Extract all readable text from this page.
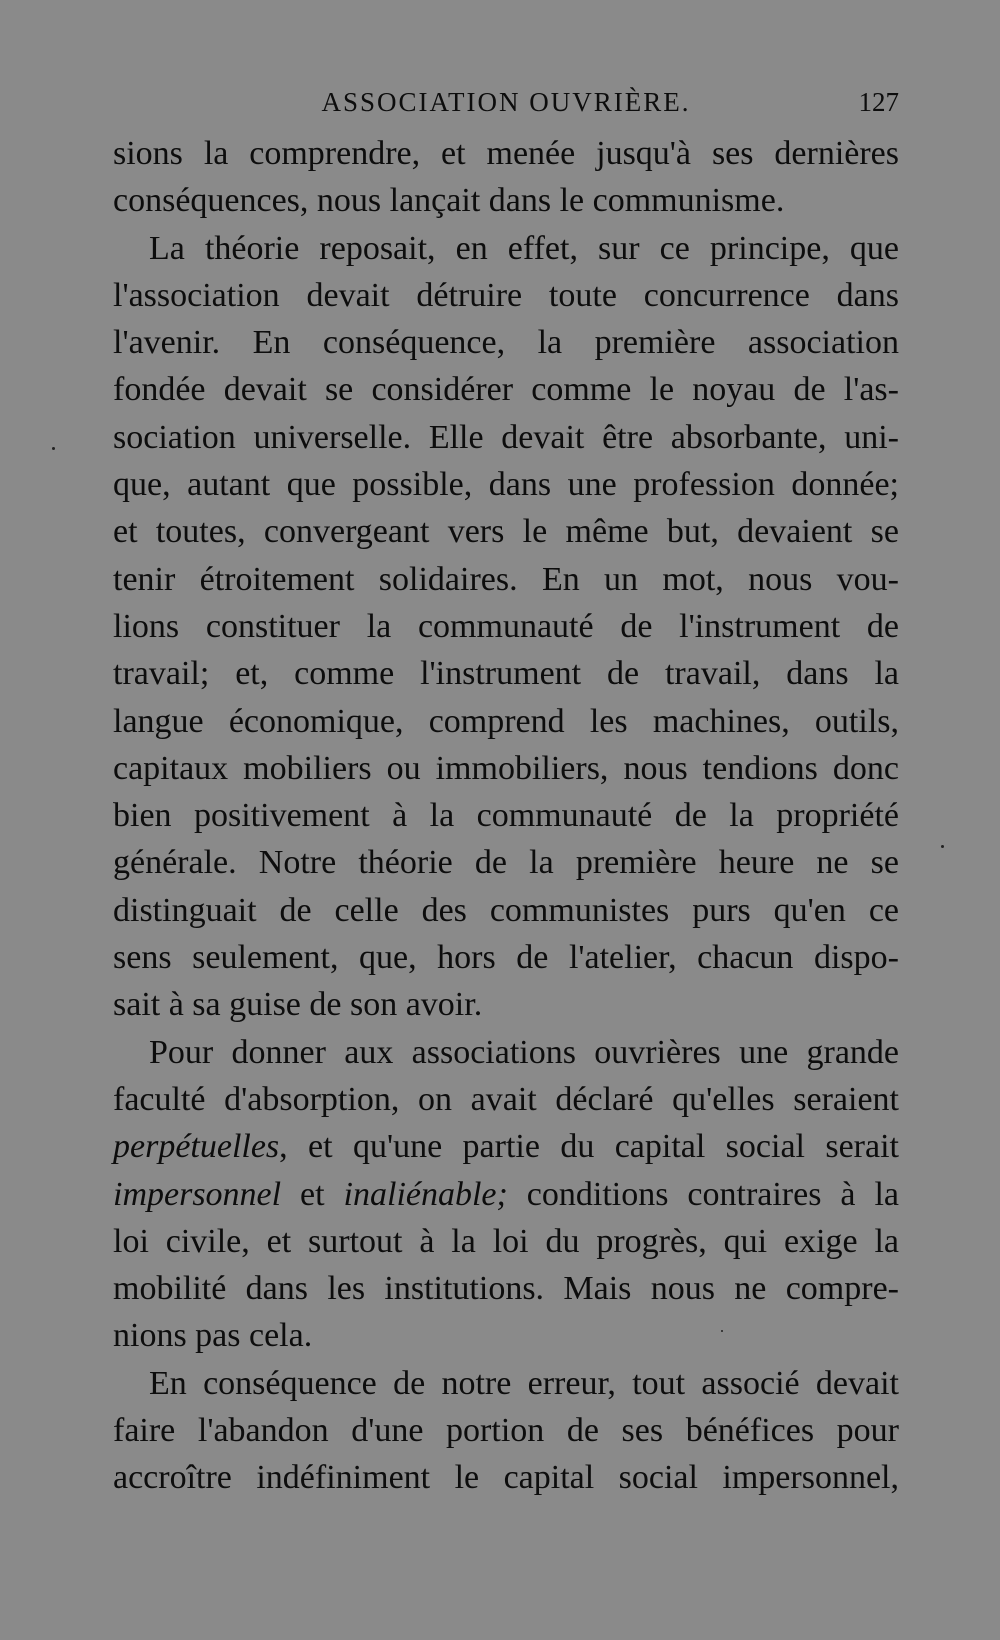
ASSOCIATION OUVRIÈRE.	127
sions la comprendre, et menée jusqu'à ses dernières
conséquences, nous lançait dans le communisme.
La théorie reposait, en effet, sur ce principe, que
l'association devait détruire toute concurrence dans
l'avenir. En conséquence, la première association
fondée devait se considérer comme le noyau de l'as-
sociation universelle. Elle devait être absorbante, uni-
que, autant que possible, dans une profession donnée;
et toutes, convergeant vers le même but, devaient se
tenir étroitement solidaires. En un mot, nous vou-
lions constituer la communauté de l'instrument de
travail; et, comme l'instrument de travail, dans la
langue économique, comprend les machines, outils,
capitaux mobiliers ou immobiliers, nous tendions donc
bien positivement à la communauté de la propriété
générale. Notre théorie de la première heure ne se
distinguait de celle des communistes purs qu'en ce
sens seulement, que, hors de l'atelier, chacun dispo-
sait à sa guise de son avoir.
Pour donner aux associations ouvrières une grande
faculté d'absorption, on avait déclaré qu'elles seraient
perpétuelles, et qu'une partie du capital social serait
impersonnel et inaliénable; conditions contraires à la
loi civile, et surtout à la loi du progrès, qui exige la
mobilité dans les institutions. Mais nous ne compre-
nions pas cela.
En conséquence de notre erreur, tout associé devait
faire l'abandon d'une portion de ses bénéfices pour
accroître indéfiniment le capital social impersonnel,
